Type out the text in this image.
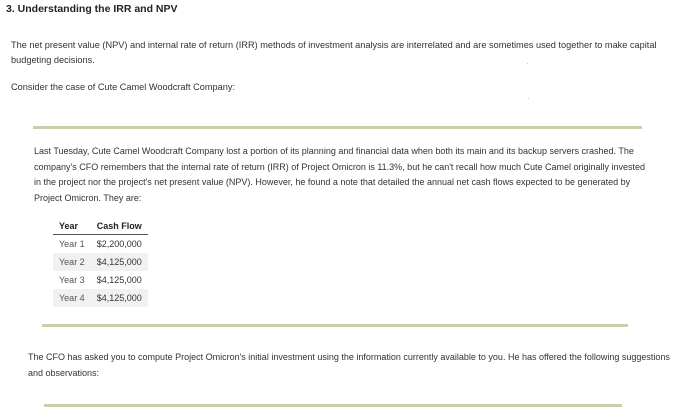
3. Understanding the IRR and NPV
The net present value (NPV) and internal rate of return (IRR) methods of investment analysis are interrelated and are sometimes used together to make capital budgeting decisions.
Consider the case of Cute Camel Woodcraft Company:
·
·
Last Tuesday, Cute Camel Woodcraft Company lost a portion of its planning and financial data when both its main and its backup servers crashed. The company's CFO remembers that the internal rate of return (IRR) of Project Omicron is 11.3%, but he can't recall how much Cute Camel originally invested in the project nor the project's net present value (NPV). However, he found a note that detailed the annual net cash flows expected to be generated by Project Omicron. They are:
Year	Cash Flow
Year 1	$2,200,000
Year 2	$4,125,000
Year 3	$4,125,000
Year 4	$4,125,000
The CFO has asked you to compute Project Omicron's initial investment using the information currently available to you. He has offered the following suggestions and observations:
